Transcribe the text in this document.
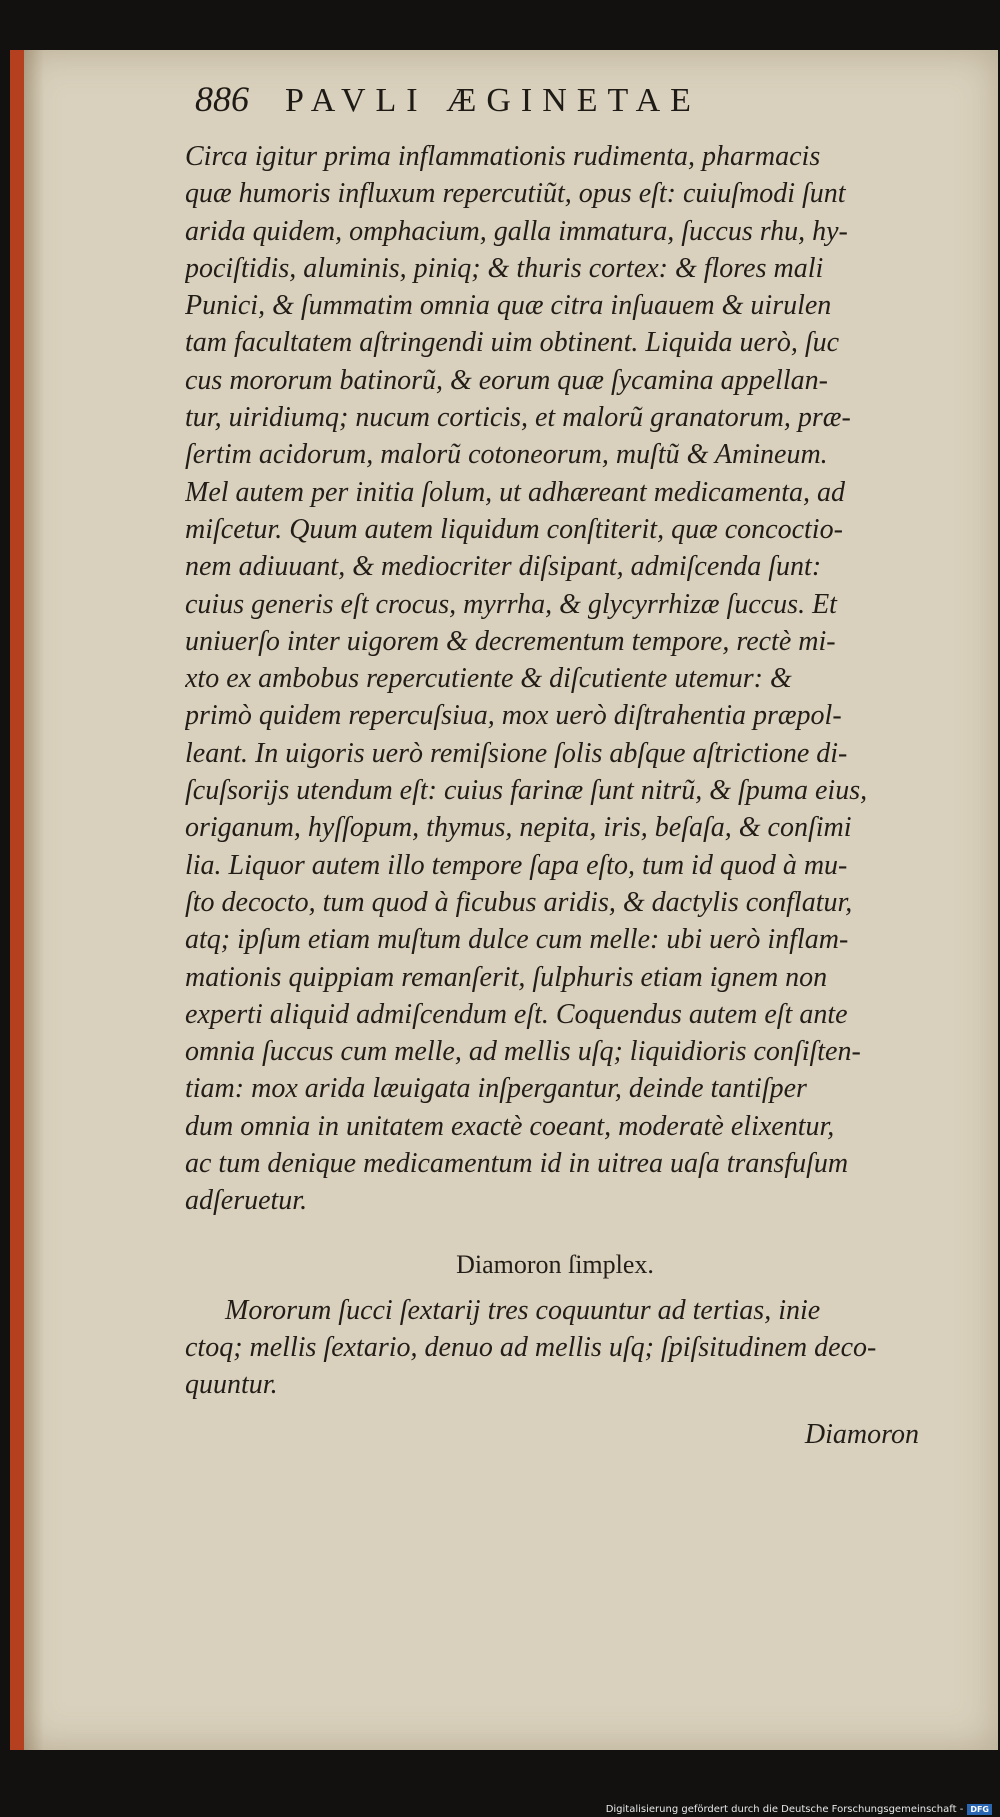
886	PAVLI ÆGINETAE
Circa igitur prima inflammationis rudimenta, pharmacis
quæ humoris influxum repercutiũt, opus eſt: cuiuſmodi ſunt
arida quidem, omphacium, galla immatura, ſuccus rhu, hy-
pociſtidis, aluminis, piniq; & thuris cortex: & flores mali
Punici, & ſummatim omnia quæ citra inſuauem & uirulen
tam facultatem aſtringendi uim obtinent. Liquida uerò, ſuc
cus mororum batinorũ, & eorum quæ ſycamina appellan-
tur, uiridiumq; nucum corticis, et malorũ granatorum, præ-
ſertim acidorum, malorũ cotoneorum, muſtũ & Amineum.
Mel autem per initia ſolum, ut adhæreant medicamenta, ad
miſcetur. Quum autem liquidum conſtiterit, quæ concoctio-
nem adiuuant, & mediocriter diſsipant, admiſcenda ſunt:
cuius generis eſt crocus, myrrha, & glycyrrhizæ ſuccus. Et
uniuerſo inter uigorem & decrementum tempore, rectè mi-
xto ex ambobus repercutiente & diſcutiente utemur: &
primò quidem repercuſsiua, mox uerò diſtrahentia præpol-
leant. In uigoris uerò remiſsione ſolis abſque aſtrictione di-
ſcuſsorijs utendum eſt: cuius farinæ ſunt nitrũ, & ſpuma eius,
origanum, hyſſopum, thymus, nepita, iris, beſaſa, & conſimi
lia. Liquor autem illo tempore ſapa eſto, tum id quod à mu-
ſto decocto, tum quod à ficubus aridis, & dactylis conflatur,
atq; ipſum etiam muſtum dulce cum melle: ubi uerò inflam-
mationis quippiam remanſerit, ſulphuris etiam ignem non
experti aliquid admiſcendum eſt. Coquendus autem eſt ante
omnia ſuccus cum melle, ad mellis uſq; liquidioris conſiſten-
tiam: mox arida læuigata inſpergantur, deinde tantiſper
dum omnia in unitatem exactè coeant, moderatè elixentur,
ac tum denique medicamentum id in uitrea uaſa transfuſum
adſeruetur.
Diamoron ſimplex.
Mororum ſucci ſextarij tres coquuntur ad tertias, inie
ctoq; mellis ſextario, denuo ad mellis uſq; ſpiſsitudinem deco-
quuntur.
Diamoron
Digitalisierung gefördert durch die Deutsche Forschungsgemeinschaft - DFG
